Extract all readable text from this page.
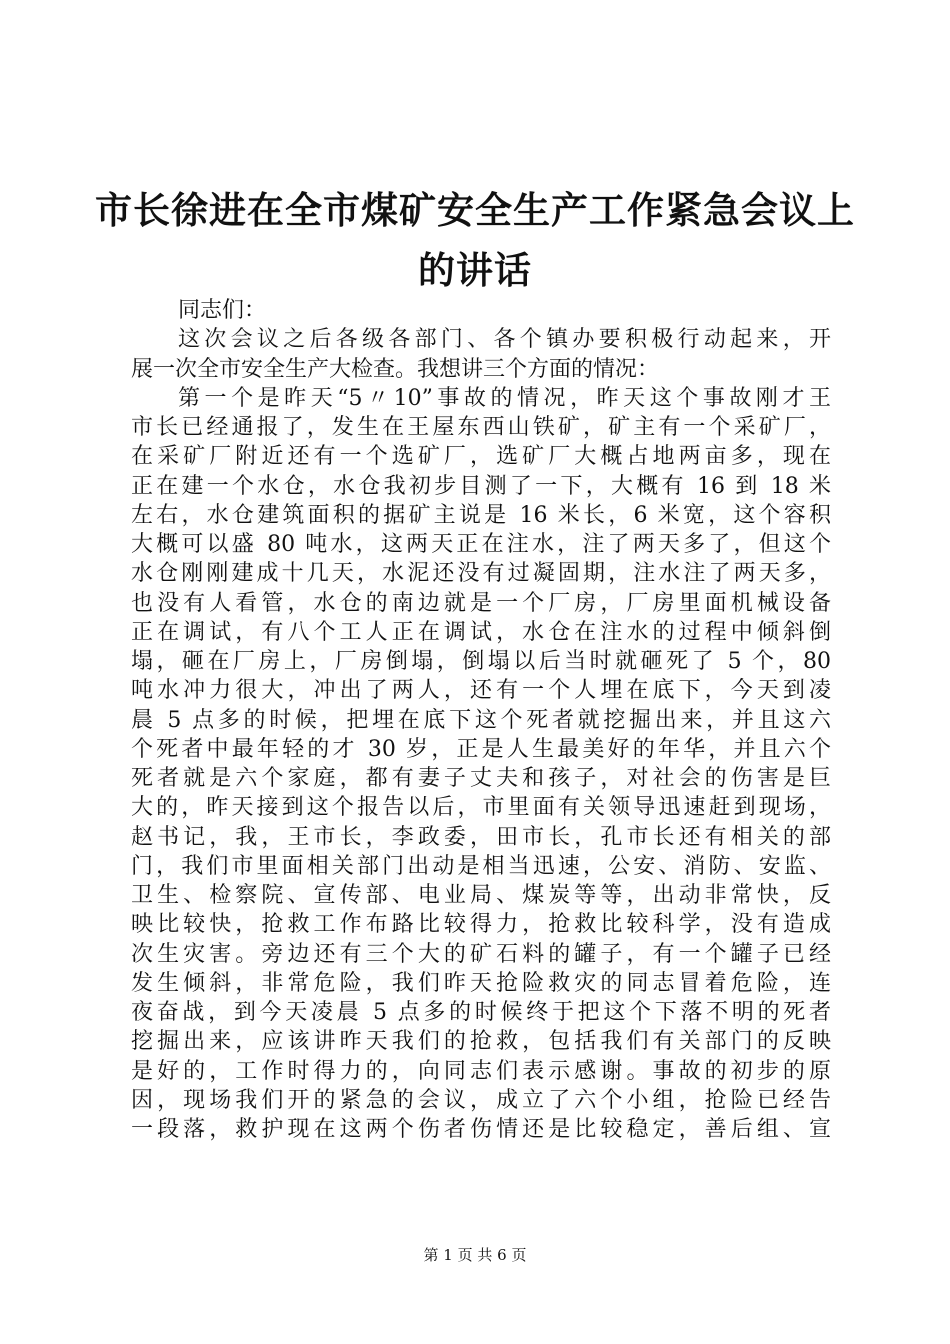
市长徐进在全市煤矿安全生产工作紧急会议上
的讲话
同志们：
这次会议之后各级各部门、各个镇办要积极行动起来，开
展一次全市安全生产大检查。我想讲三个方面的情况：
第一个是昨天“5〃10”事故的情况，昨天这个事故刚才王
市长已经通报了，发生在王屋东西山铁矿，矿主有一个采矿厂，
在采矿厂附近还有一个选矿厂，选矿厂大概占地两亩多，现在
正在建一个水仓，水仓我初步目测了一下，大概有 16 到 18 米
左右，水仓建筑面积的据矿主说是 16 米长，6 米宽，这个容积
大概可以盛 80 吨水，这两天正在注水，注了两天多了，但这个
水仓刚刚建成十几天，水泥还没有过凝固期，注水注了两天多，
也没有人看管，水仓的南边就是一个厂房，厂房里面机械设备
正在调试，有八个工人正在调试，水仓在注水的过程中倾斜倒
塌，砸在厂房上，厂房倒塌，倒塌以后当时就砸死了 5 个，80
吨水冲力很大，冲出了两人，还有一个人埋在底下，今天到凌
晨 5 点多的时候，把埋在底下这个死者就挖掘出来，并且这六
个死者中最年轻的才 30 岁，正是人生最美好的年华，并且六个
死者就是六个家庭，都有妻子丈夫和孩子，对社会的伤害是巨
大的，昨天接到这个报告以后，市里面有关领导迅速赶到现场，
赵书记，我，王市长，李政委，田市长，孔市长还有相关的部
门，我们市里面相关部门出动是相当迅速，公安、消防、安监、
卫生、检察院、宣传部、电业局、煤炭等等，出动非常快，反
映比较快，抢救工作布路比较得力，抢救比较科学，没有造成
次生灾害。旁边还有三个大的矿石料的罐子，有一个罐子已经
发生倾斜，非常危险，我们昨天抢险救灾的同志冒着危险，连
夜奋战，到今天凌晨 5 点多的时候终于把这个下落不明的死者
挖掘出来，应该讲昨天我们的抢救，包括我们有关部门的反映
是好的，工作时得力的，向同志们表示感谢。事故的初步的原
因，现场我们开的紧急的会议，成立了六个小组，抢险已经告
一段落，救护现在这两个伤者伤情还是比较稳定，善后组、宣
第 1 页 共 6 页
